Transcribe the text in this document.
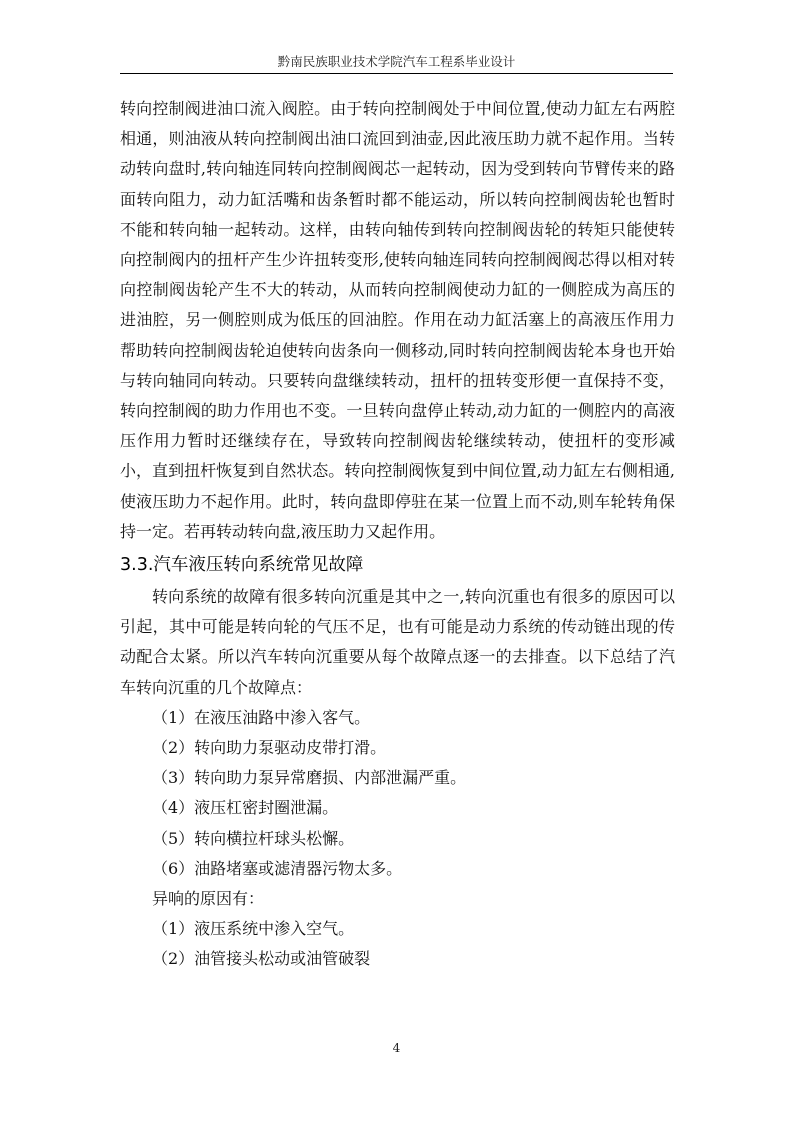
黔南民族职业技术学院汽车工程系毕业设计

转向控制阀进油口流入阀腔。由于转向控制阀处于中间位置,使动力缸左右两腔相通，则油液从转向控制阀出油口流回到油壶,因此液压助力就不起作用。当转动转向盘时,转向轴连同转向控制阀阀芯一起转动，因为受到转向节臂传来的路面转向阻力，动力缸活嘴和齿条暂时都不能运动，所以转向控制阀齿轮也暂时不能和转向轴一起转动。这样，由转向轴传到转向控制阀齿轮的转矩只能使转向控制阀内的扭杆产生少许扭转变形,使转向轴连同转向控制阀阀芯得以相对转向控制阀齿轮产生不大的转动，从而转向控制阀使动力缸的一侧腔成为高压的进油腔，另一侧腔则成为低压的回油腔。作用在动力缸活塞上的高液压作用力帮助转向控制阀齿轮迫使转向齿条向一侧移动,同时转向控制阀齿轮本身也开始与转向轴同向转动。只要转向盘继续转动，扭杆的扭转变形便一直保持不变，转向控制阀的助力作用也不变。一旦转向盘停止转动,动力缸的一侧腔内的高液压作用力暂时还继续存在，导致转向控制阀齿轮继续转动，使扭杆的变形减小，直到扭杆恢复到自然状态。转向控制阀恢复到中间位置,动力缸左右侧相通,使液压助力不起作用。此时，转向盘即停驻在某一位置上而不动,则车轮转角保持一定。若再转动转向盘,液压助力又起作用。

3.3.汽车液压转向系统常见故障

转向系统的故障有很多转向沉重是其中之一,转向沉重也有很多的原因可以引起，其中可能是转向轮的气压不足，也有可能是动力系统的传动链出现的传动配合太紧。所以汽车转向沉重要从每个故障点逐一的去排查。以下总结了汽车转向沉重的几个故障点：

（1）在液压油路中渗入客气。
（2）转向助力泵驱动皮带打滑。
（3）转向助力泵异常磨损、内部泄漏严重。
（4）液压杠密封圈泄漏。
（5）转向横拉杆球头松懈。
（6）油路堵塞或滤清器污物太多。

异响的原因有：

（1）液压系统中渗入空气。
（2）油管接头松动或油管破裂
4
